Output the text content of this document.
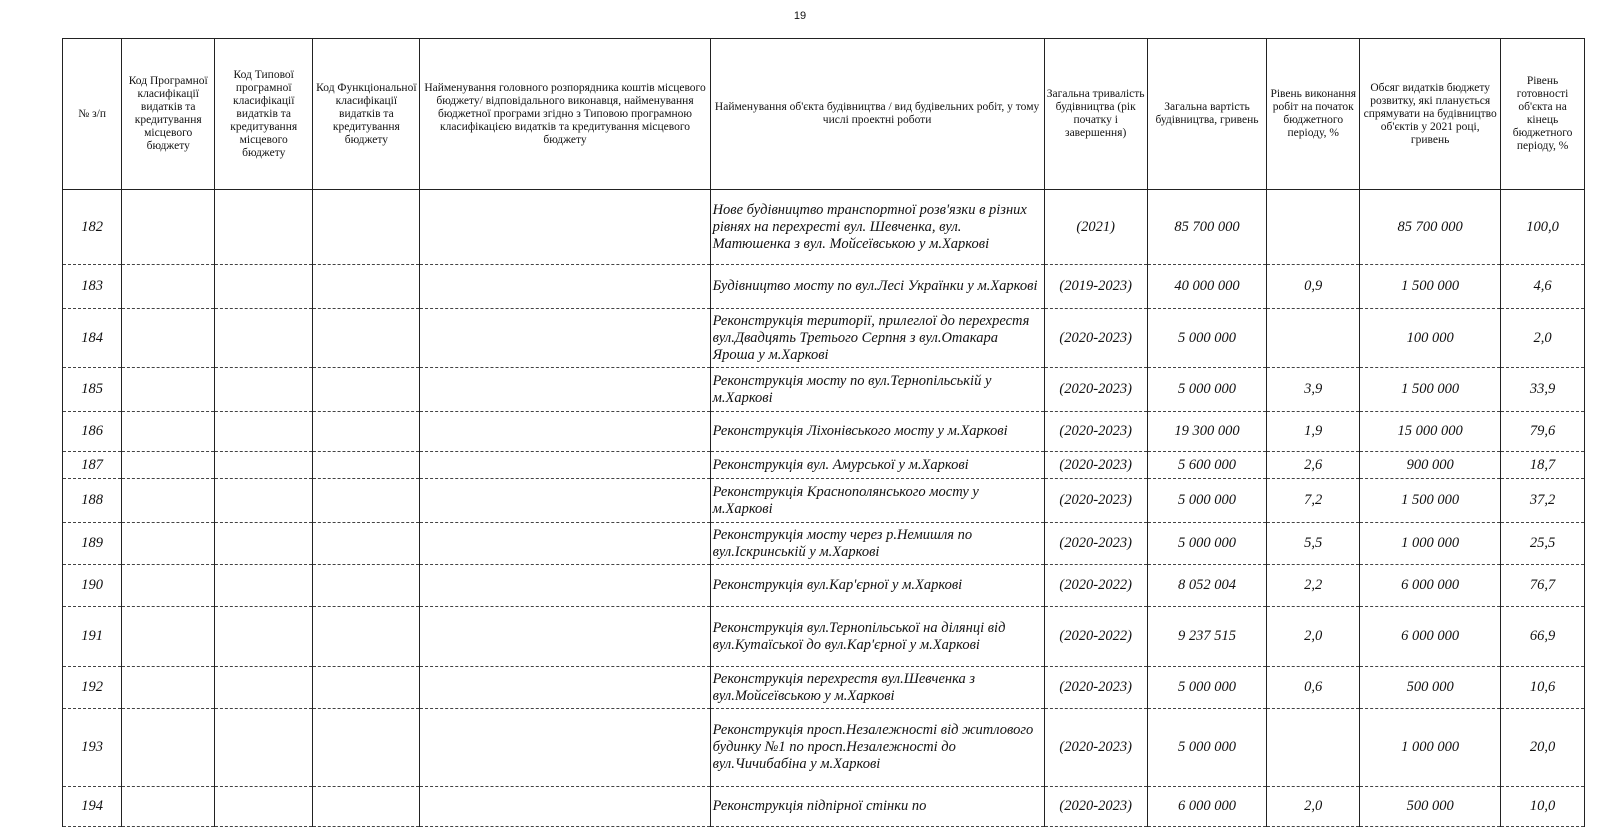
19
№ з/п	Код Програмної класифікації видатків та кредитування місцевого бюджету	Код Типової програмної класифікації видатків та кредитування місцевого бюджету	Код Функціональної класифікації видатків та кредитування бюджету	Найменування головного розпорядника коштів місцевого бюджету/ відповідального виконавця, найменування бюджетної програми згідно з Типовою програмною класифікацією видатків та кредитування місцевого бюджету	Найменування об'єкта будівництва / вид будівельних робіт, у тому числі проектні роботи	Загальна тривалість будівництва (рік початку і завершення)	Загальна вартість будівництва, гривень	Рівень виконання робіт на початок бюджетного періоду, %	Обсяг видатків бюджету розвитку, які планується спрямувати на будівництво об'єктів у 2021 році, гривень	Рівень готовності об'єкта на кінець бюджетного періоду, %
182					Нове будівництво транспортної розв'язки в різних рівнях на перехресті вул. Шевченка, вул. Матюшенка з вул. Мойсеївською у м.Харкові	(2021)	85 700 000		85 700 000	100,0
183					Будівництво мосту по вул.Лесі Українки у м.Харкові	(2019-2023)	40 000 000	0,9	1 500 000	4,6
184					Реконструкція території, прилеглої до перехрестя вул.Двадцять Третього Серпня з вул.Отакара Яроша у м.Харкові	(2020-2023)	5 000 000		100 000	2,0
185					Реконструкція мосту по вул.Тернопільській у м.Харкові	(2020-2023)	5 000 000	3,9	1 500 000	33,9
186					Реконструкція Ліхонівського мосту у м.Харкові	(2020-2023)	19 300 000	1,9	15 000 000	79,6
187					Реконструкція вул. Амурської у м.Харкові	(2020-2023)	5 600 000	2,6	900 000	18,7
188					Реконструкція Краснополянського мосту у м.Харкові	(2020-2023)	5 000 000	7,2	1 500 000	37,2
189					Реконструкція мосту через р.Немишля по вул.Іскринській у м.Харкові	(2020-2023)	5 000 000	5,5	1 000 000	25,5
190					Реконструкція вул.Кар'єрної у м.Харкові	(2020-2022)	8 052 004	2,2	6 000 000	76,7
191					Реконструкція вул.Тернопільської на ділянці від вул.Кутаїської до вул.Кар'єрної у м.Харкові	(2020-2022)	9 237 515	2,0	6 000 000	66,9
192					Реконструкція перехрестя вул.Шевченка з вул.Мойсеївською у м.Харкові	(2020-2023)	5 000 000	0,6	500 000	10,6
193					Реконструкція просп.Незалежності від житлового будинку №1 по просп.Незалежності до вул.Чичибабіна у м.Харкові	(2020-2023)	5 000 000		1 000 000	20,0
194					Реконструкція підпірної стінки по	(2020-2023)	6 000 000	2,0	500 000	10,0
